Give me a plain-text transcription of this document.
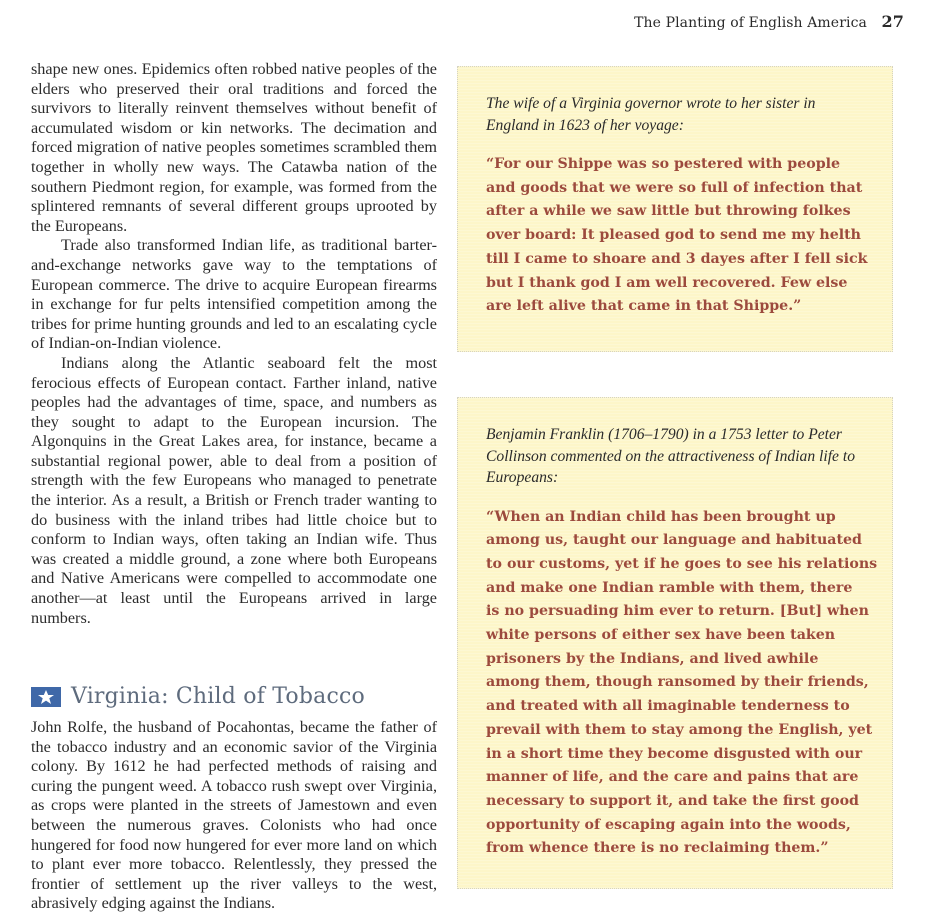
The Planting of English America 27

shape new ones. Epidemics often robbed native peoples of the elders who preserved their oral traditions and forced the survivors to literally reinvent themselves without benefit of accumulated wisdom or kin networks. The decimation and forced migration of native peoples sometimes scrambled them together in wholly new ways. The Catawba nation of the southern Piedmont region, for example, was formed from the splintered remnants of several different groups uprooted by the Europeans.

Trade also transformed Indian life, as traditional barter-and-exchange networks gave way to the temptations of European commerce. The drive to acquire European firearms in exchange for fur pelts intensified competition among the tribes for prime hunting grounds and led to an escalating cycle of Indian-on-Indian violence.

Indians along the Atlantic seaboard felt the most ferocious effects of European contact. Farther inland, native peoples had the advantages of time, space, and numbers as they sought to adapt to the European incursion. The Algonquins in the Great Lakes area, for instance, became a substantial regional power, able to deal from a position of strength with the few Europeans who managed to penetrate the interior. As a result, a British or French trader wanting to do business with the inland tribes had little choice but to conform to Indian ways, often taking an Indian wife. Thus was created a middle ground, a zone where both Europeans and Native Americans were compelled to accommodate one another—at least until the Europeans arrived in large numbers.

Virginia: Child of Tobacco

John Rolfe, the husband of Pocahontas, became the father of the tobacco industry and an economic savior of the Virginia colony. By 1612 he had perfected methods of raising and curing the pungent weed. A tobacco rush swept over Virginia, as crops were planted in the streets of Jamestown and even between the numerous graves. Colonists who had once hungered for food now hungered for ever more land on which to plant ever more tobacco. Relentlessly, they pressed the frontier of settlement up the river valleys to the west, abrasively edging against the Indians.

The wife of a Virginia governor wrote to her sister in England in 1623 of her voyage:

“For our Shippe was so pestered with people
and goods that we were so full of infection that
after a while we saw little but throwing folkes
over board: It pleased god to send me my helth
till I came to shoare and 3 dayes after I fell sick
but I thank god I am well recovered. Few else
are left alive that came in that Shippe.”

Benjamin Franklin (1706–1790) in a 1753 letter to Peter Collinson commented on the attractiveness of Indian life to Europeans:

“When an Indian child has been brought up
among us, taught our language and habituated
to our customs, yet if he goes to see his relations
and make one Indian ramble with them, there
is no persuading him ever to return. [But] when
white persons of either sex have been taken
prisoners by the Indians, and lived awhile
among them, though ransomed by their friends,
and treated with all imaginable tenderness to
prevail with them to stay among the English, yet
in a short time they become disgusted with our
manner of life, and the care and pains that are
necessary to support it, and take the first good
opportunity of escaping again into the woods,
from whence there is no reclaiming them.”
